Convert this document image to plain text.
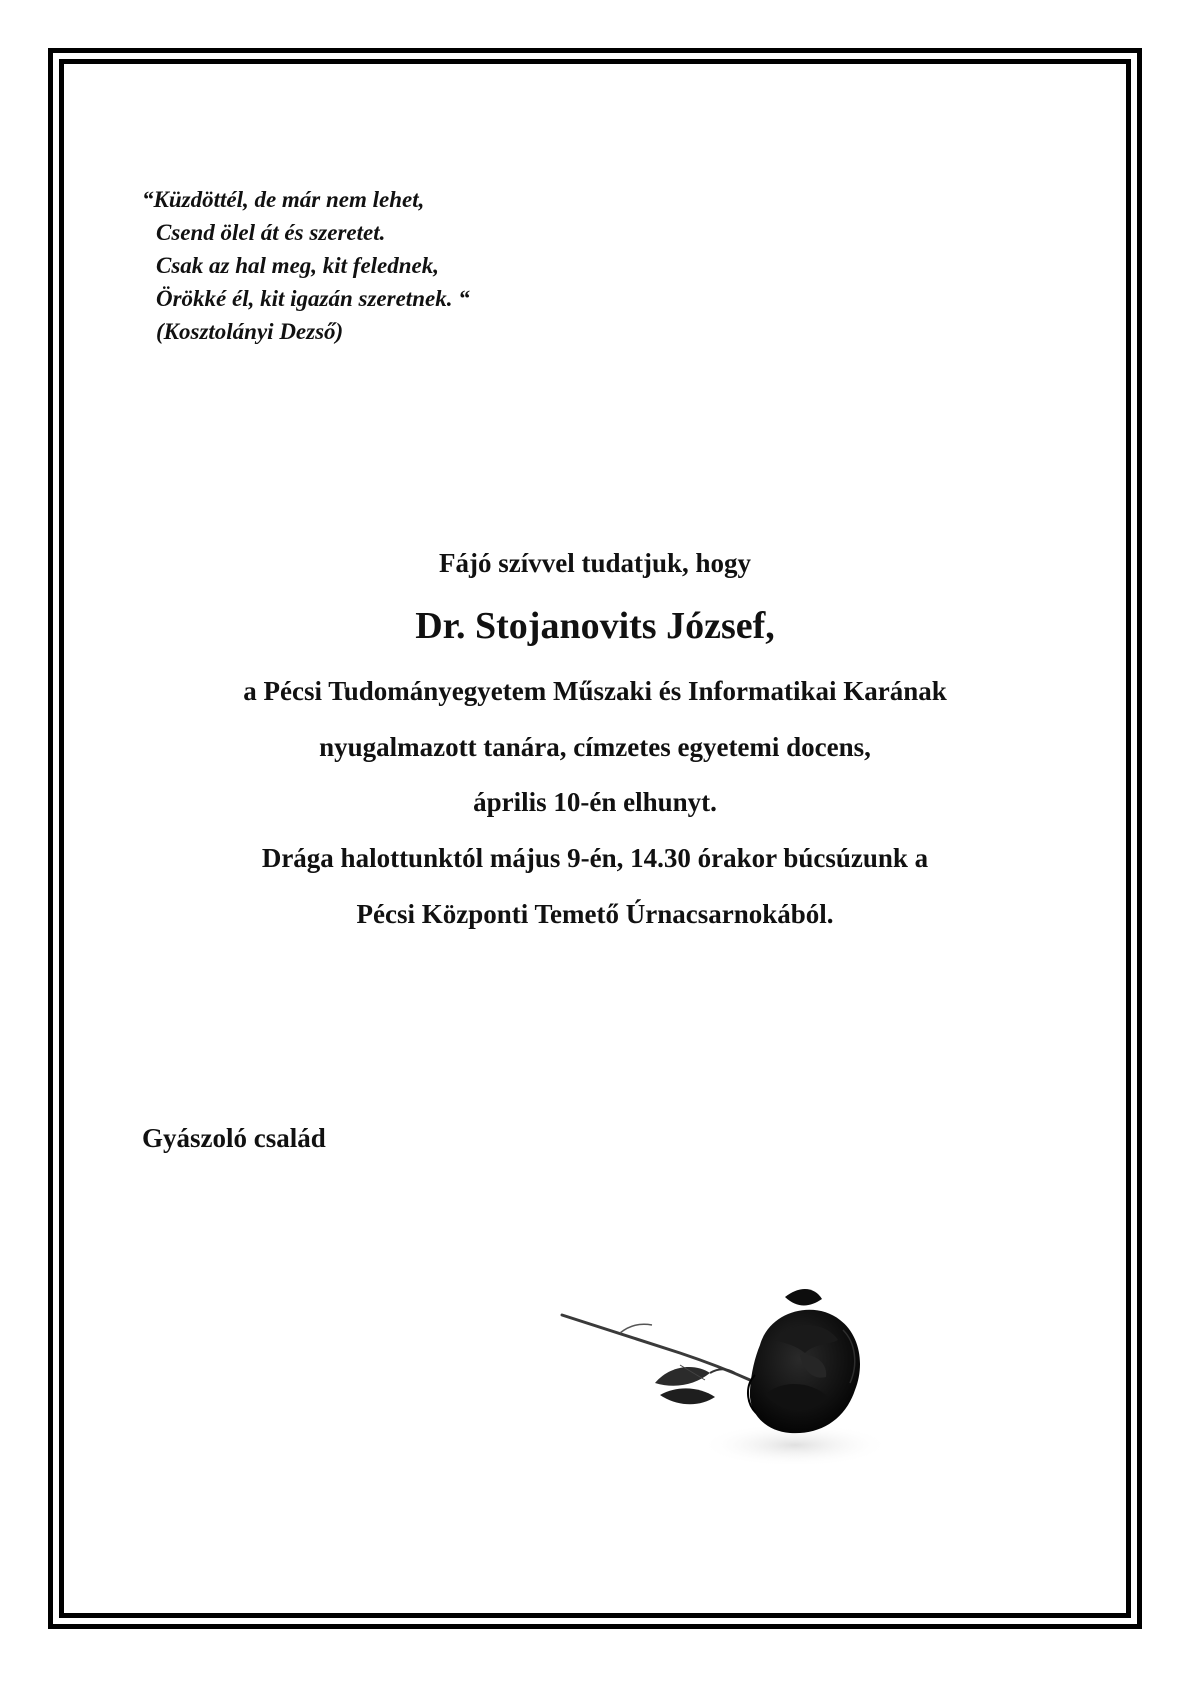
“Küzdöttél, de már nem lehet,
Csend ölel át és szeretet.
Csak az hal meg, kit felednek,
Örökké él, kit igazán szeretnek. “
(Kosztolányi Dezső)
Fájó szívvel tudatjuk, hogy
Dr. Stojanovits József,
a Pécsi Tudományegyetem Műszaki és Informatikai Karának
nyugalmazott tanára, címzetes egyetemi docens,
április 10-én elhunyt.
Drága halottunktól május 9-én, 14.30 órakor búcsúzunk a
Pécsi Központi Temető Úrnacsarnokából.
Gyászoló család
